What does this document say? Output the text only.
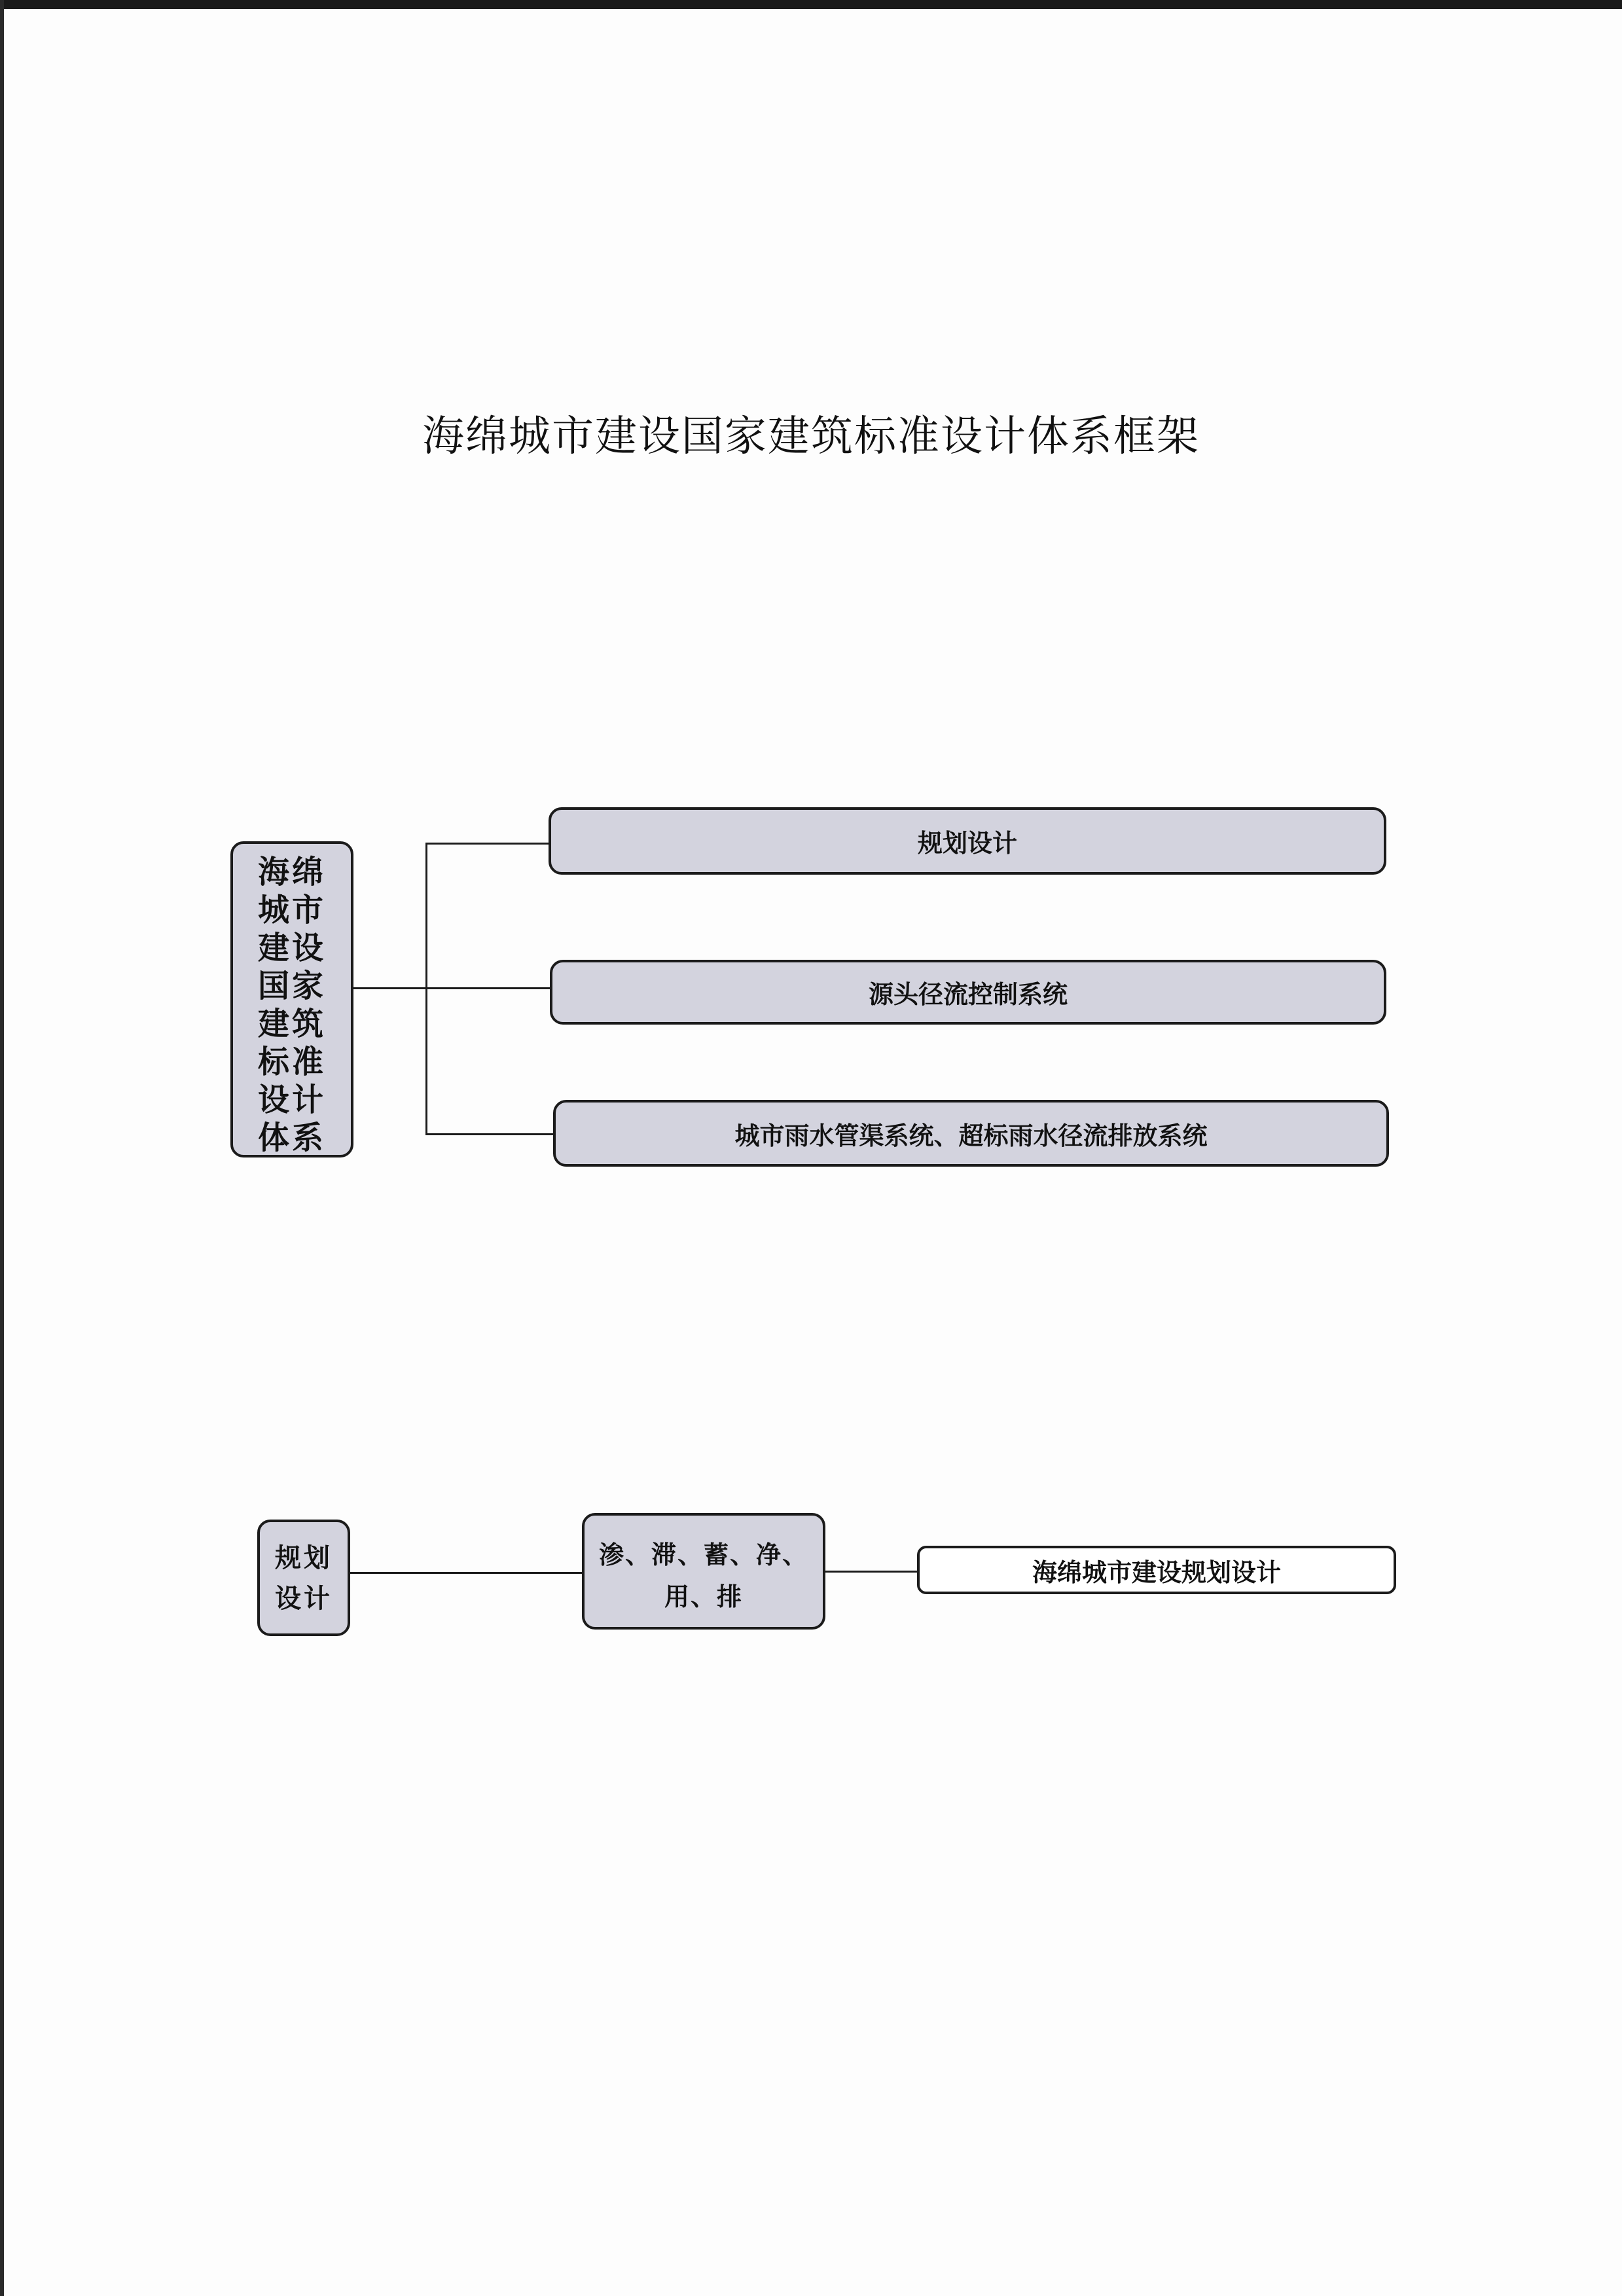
海绵城市建设国家建筑标准设计体系框架
海绵
城市
建设
国家
建筑
标准
设计
体系
规划设计
源头径流控制系统
城市雨水管渠系统、超标雨水径流排放系统
规划
设计
渗、滞、蓄、净、
用、排
海绵城市建设规划设计
